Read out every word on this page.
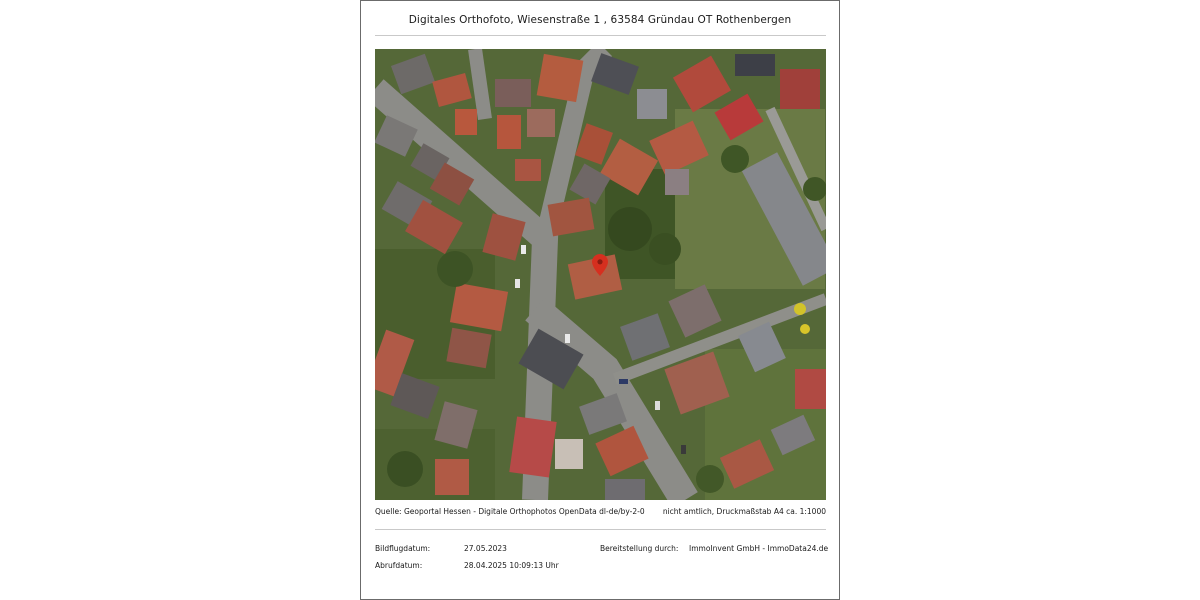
Digitales Orthofoto, Wiesenstraße 1 , 63584 Gründau OT Rothenbergen
Quelle: Geoportal Hessen - Digitale Orthophotos OpenData dl-de/by-2-0 nicht amtlich, Druckmaßstab A4 ca. 1:1000
Bildflugdatum:	27.05.2023
Abrufdatum:	28.04.2025 10:09:13 Uhr
Bereitstellung durch: ImmoInvent GmbH - ImmoData24.de
